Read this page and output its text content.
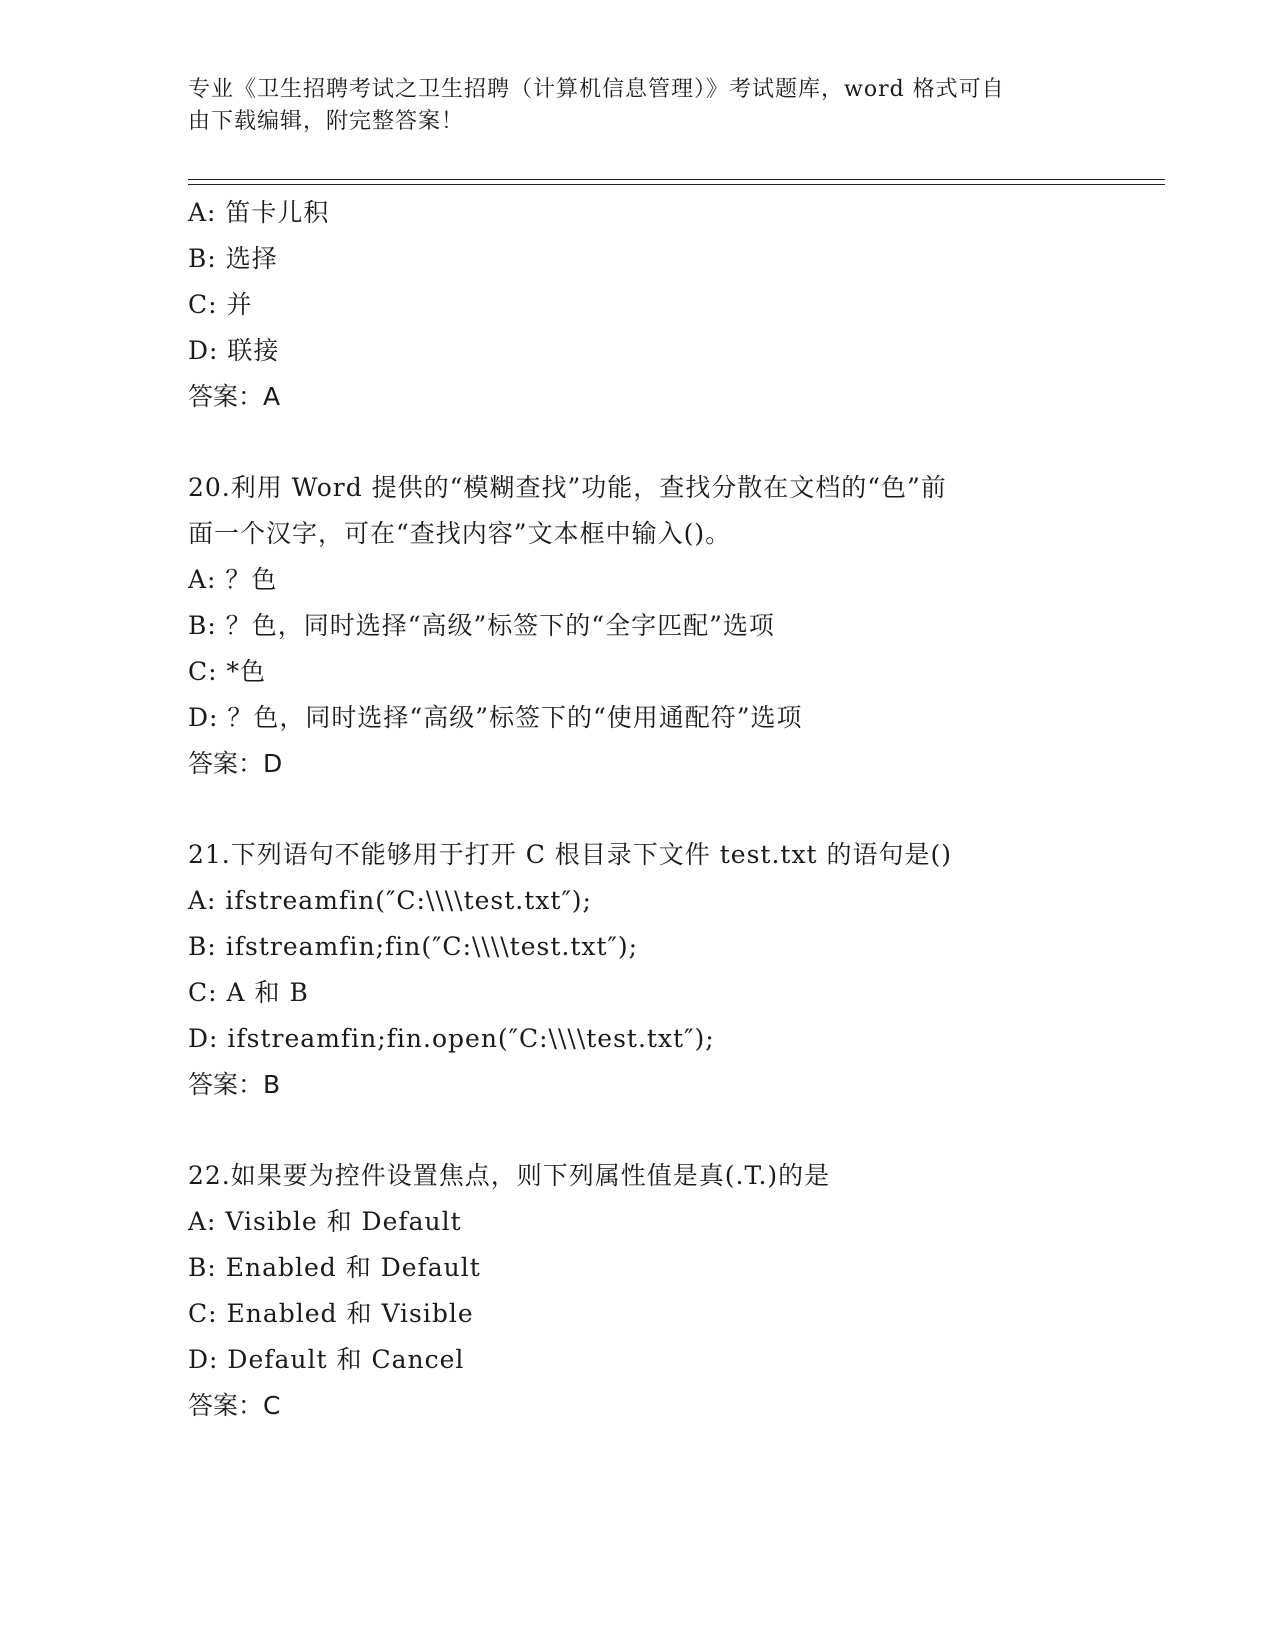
专业《卫生招聘考试之卫生招聘（计算机信息管理）》考试题库，word 格式可自
由下载编辑，附完整答案！
A: 笛卡儿积
B: 选择
C: 并
D: 联接
答案：A
20.利用 Word 提供的“模糊查找”功能，查找分散在文档的“色”前
面一个汉字，可在“查找内容”文本框中输入()。
A: ？色
B: ？色，同时选择“高级”标签下的“全字匹配”选项
C: *色
D: ？色，同时选择“高级”标签下的“使用通配符”选项
答案：D
21.下列语句不能够用于打开 C 根目录下文件 test.txt 的语句是()
A: ifstreamfin(″C:\\\\test.txt″);
B: ifstreamfin;fin(″C:\\\\test.txt″);
C: A 和 B
D: ifstreamfin;fin.open(″C:\\\\test.txt″);
答案：B
22.如果要为控件设置焦点，则下列属性值是真(.T.)的是
A: Visible 和 Default
B: Enabled 和 Default
C: Enabled 和 Visible
D: Default 和 Cancel
答案：C
